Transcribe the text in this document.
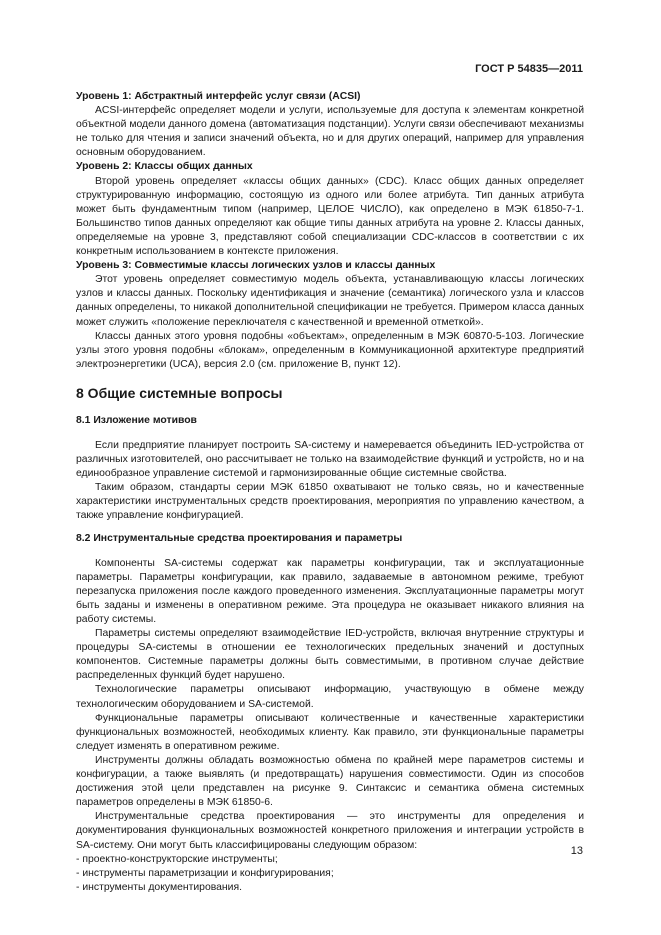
ГОСТ Р 54835—2011

Уровень 1: Абстрактный интерфейс услуг связи (ACSI)

ACSI-интерфейс определяет модели и услуги, используемые для доступа к элементам конкретной объектной модели данного домена (автоматизация подстанции). Услуги связи обеспечивают механизмы не только для чтения и записи значений объекта, но и для других операций, например для управления основным оборудованием.

Уровень 2: Классы общих данных

Второй уровень определяет «классы общих данных» (CDC). Класс общих данных определяет структурированную информацию, состоящую из одного или более атрибута. Тип данных атрибута может быть фундаментным типом (например, ЦЕЛОЕ ЧИСЛО), как определено в МЭК 61850-7-1. Большинство типов данных определяют как общие типы данных атрибута на уровне 2. Классы данных, определяемые на уровне 3, представляют собой специализации CDC-классов в соответствии с их конкретным использованием в контексте приложения.

Уровень 3: Совместимые классы логических узлов и классы данных

Этот уровень определяет совместимую модель объекта, устанавливающую классы логических узлов и классы данных. Поскольку идентификация и значение (семантика) логического узла и классов данных определены, то никакой дополнительной спецификации не требуется. Примером класса данных может служить «положение переключателя с качественной и временной отметкой».

Классы данных этого уровня подобны «объектам», определенным в МЭК 60870-5-103. Логические узлы этого уровня подобны «блокам», определенным в Коммуникационной архитектуре предприятий электроэнергетики (UCA), версия 2.0 (см. приложение В, пункт 12).

8 Общие системные вопросы
8.1 Изложение мотивов

Если предприятие планирует построить SA-систему и намеревается объединить IED-устройства от различных изготовителей, оно рассчитывает не только на взаимодействие функций и устройств, но и на единообразное управление системой и гармонизированные общие системные свойства.

Таким образом, стандарты серии МЭК 61850 охватывают не только связь, но и качественные характеристики инструментальных средств проектирования, мероприятия по управлению качеством, а также управление конфигурацией.

8.2 Инструментальные средства проектирования и параметры

Компоненты SA-системы содержат как параметры конфигурации, так и эксплуатационные параметры. Параметры конфигурации, как правило, задаваемые в автономном режиме, требуют перезапуска приложения после каждого проведенного изменения. Эксплуатационные параметры могут быть заданы и изменены в оперативном режиме. Эта процедура не оказывает никакого влияния на работу системы.

Параметры системы определяют взаимодействие IED-устройств, включая внутренние структуры и процедуры SA-системы в отношении ее технологических предельных значений и доступных компонентов. Системные параметры должны быть совместимыми, в противном случае действие распределенных функций будет нарушено.

Технологические параметры описывают информацию, участвующую в обмене между технологическим оборудованием и SA-системой.

Функциональные параметры описывают количественные и качественные характеристики функциональных возможностей, необходимых клиенту. Как правило, эти функциональные параметры следует изменять в оперативном режиме.

Инструменты должны обладать возможностью обмена по крайней мере параметров системы и конфигурации, а также выявлять (и предотвращать) нарушения совместимости. Один из способов достижения этой цели представлен на рисунке 9. Синтаксис и семантика обмена системных параметров определены в МЭК 61850-6.

Инструментальные средства проектирования — это инструменты для определения и документирования функциональных возможностей конкретного приложения и интеграции устройств в SA-систему. Они могут быть классифицированы следующим образом:

- проектно-конструкторские инструменты;
- инструменты параметризации и конфигурирования;
- инструменты документирования.
13
